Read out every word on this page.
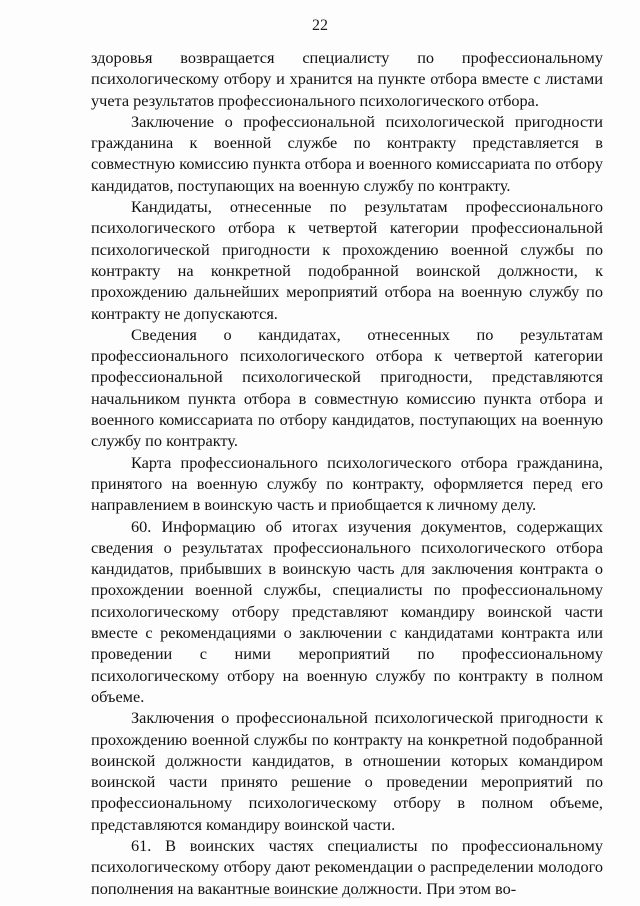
22

здоровья возвращается специалисту по профессиональному психологическому отбору и хранится на пункте отбора вместе с листами учета результатов профессионального психологического отбора.

Заключение о профессиональной психологической пригодности гражданина к военной службе по контракту представляется в совместную комиссию пункта отбора и военного комиссариата по отбору кандидатов, поступающих на военную службу по контракту.

Кандидаты, отнесенные по результатам профессионального психологического отбора к четвертой категории профессиональной психологической пригодности к прохождению военной службы по контракту на конкретной подобранной воинской должности, к прохождению дальнейших мероприятий отбора на военную службу по контракту не допускаются.

Сведения о кандидатах, отнесенных по результатам профессионального психологического отбора к четвертой категории профессиональной психологической пригодности, представляются начальником пункта отбора в совместную комиссию пункта отбора и военного комиссариата по отбору кандидатов, поступающих на военную службу по контракту.

Карта профессионального психологического отбора гражданина, принятого на военную службу по контракту, оформляется перед его направлением в воинскую часть и приобщается к личному делу.

60. Информацию об итогах изучения документов, содержащих сведения о результатах профессионального психологического отбора кандидатов, прибывших в воинскую часть для заключения контракта о прохождении военной службы, специалисты по профессиональному психологическому отбору представляют командиру воинской части вместе с рекомендациями о заключении с кандидатами контракта или проведении с ними мероприятий по профессиональному психологическому отбору на военную службу по контракту в полном объеме.

Заключения о профессиональной психологической пригодности к прохождению военной службы по контракту на конкретной подобранной воинской должности кандидатов, в отношении которых командиром воинской части принято решение о проведении мероприятий по профессиональному психологическому отбору в полном объеме, представляются командиру воинской части.

61. В воинских частях специалисты по профессиональному психологическому отбору дают рекомендации о распределении молодого пополнения на вакантные воинские должности. При этом во-
